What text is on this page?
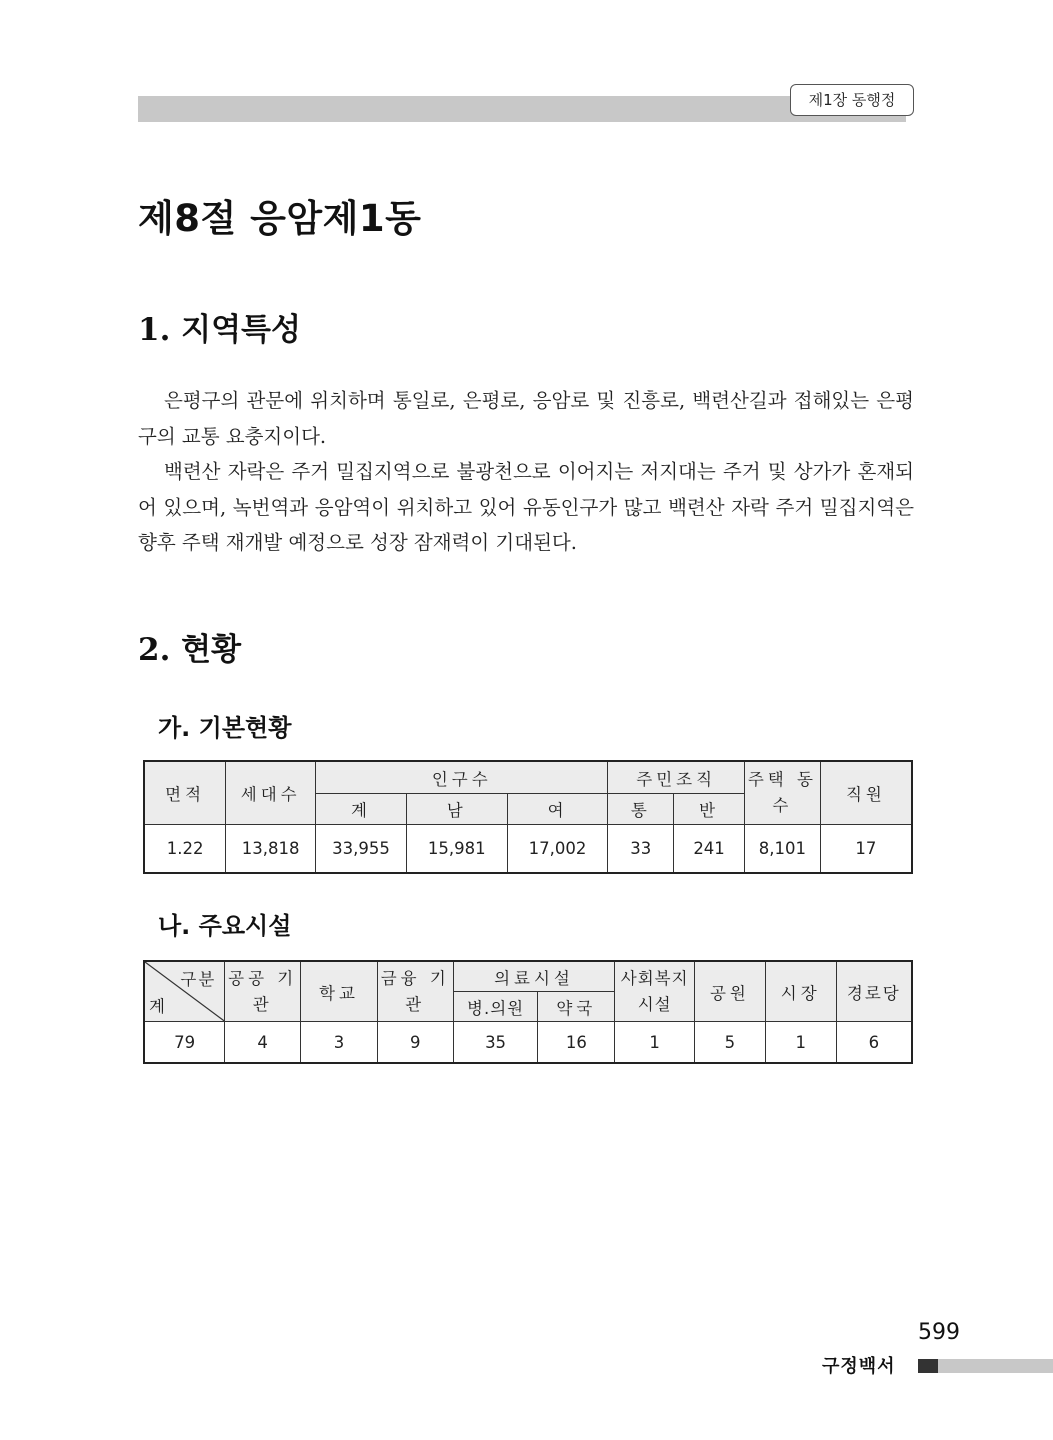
제1장 동행정
제8절 응암제1동
1. 지역특성

은평구의 관문에 위치하며 통일로, 은평로, 응암로 및 진흥로, 백련산길과 접해있는 은평구의 교통 요충지이다.

백련산 자락은 주거 밀집지역으로 불광천으로 이어지는 저지대는 주거 및 상가가 혼재되어 있으며, 녹번역과 응암역이 위치하고 있어 유동인구가 많고 백련산 자락 주거 밀집지역은 향후 주택 재개발 예정으로 성장 잠재력이 기대된다.

2. 현황
가. 기본현황
면적	세대수	인구수			주민조직		주택 동수	직원
		계	남	여	통	반		
1.22	13,818	33,955	15,981	17,002	33	241	8,101	17
나. 주요시설
구분
계	공공 기관	학교	금융 기관	의료시설		사회복지 시설	공원	시장	경로당
				병.의원	약국				
79	4	3	9	35	16	1	5	1	6
599
구정백서
